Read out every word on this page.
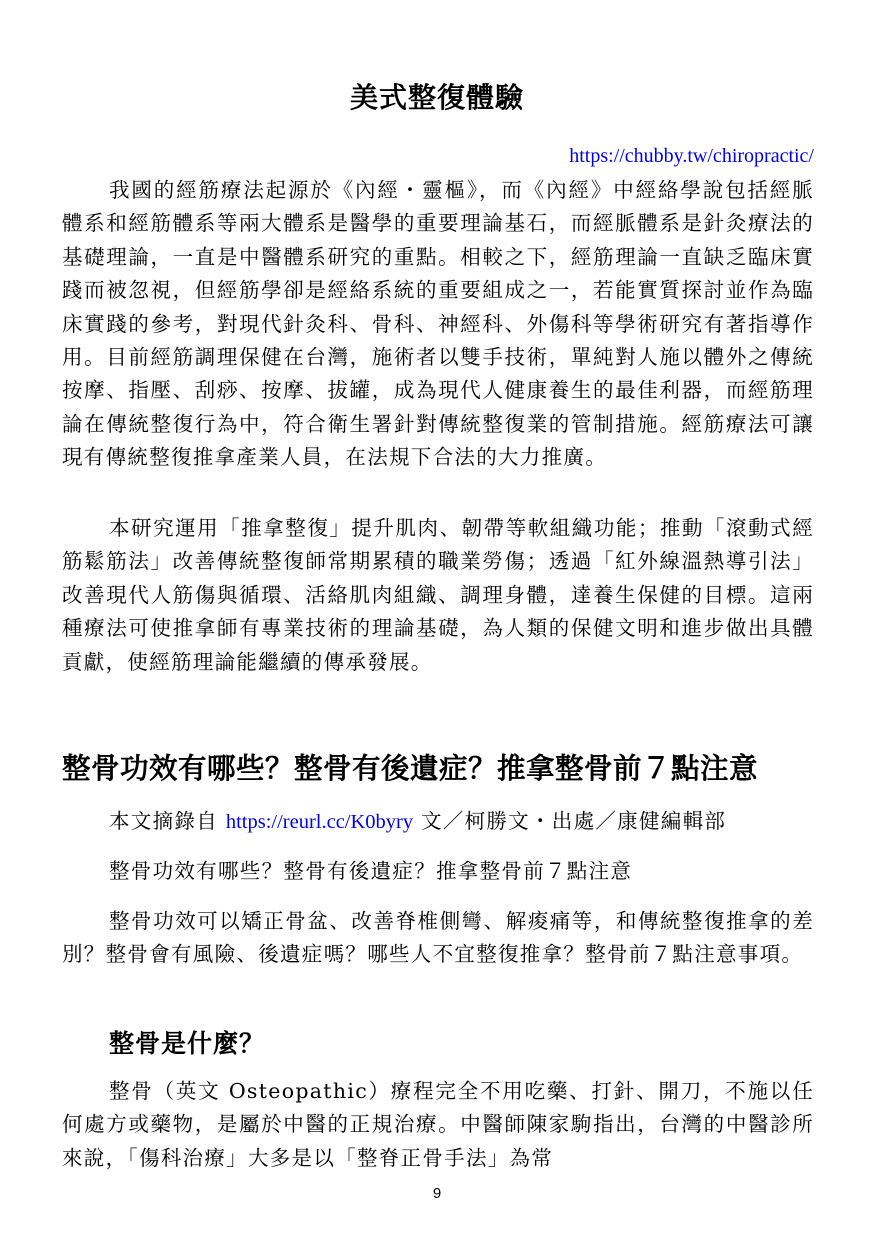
美式整復體驗
https://chubby.tw/chiropractic/

我國的經筋療法起源於《內經・靈樞》，而《內經》中經絡學說包括經脈體系和經筋體系等兩大體系是醫學的重要理論基石，而經脈體系是針灸療法的基礎理論，一直是中醫體系研究的重點。相較之下，經筋理論一直缺乏臨床實踐而被忽視，但經筋學卻是經絡系統的重要組成之一，若能實質探討並作為臨床實踐的參考，對現代針灸科、骨科、神經科、外傷科等學術研究有著指導作用。目前經筋調理保健在台灣，施術者以雙手技術，單純對人施以體外之傳統按摩、指壓、刮痧、按摩、拔罐，成為現代人健康養生的最佳利器，而經筋理論在傳統整復行為中，符合衛生署針對傳統整復業的管制措施。經筋療法可讓現有傳統整復推拿產業人員，在法規下合法的大力推廣。

本研究運用「推拿整復」提升肌肉、韌帶等軟組織功能；推動「滾動式經筋鬆筋法」改善傳統整復師常期累積的職業勞傷；透過「紅外線溫熱導引法」改善現代人筋傷與循環、活絡肌肉組織、調理身體，達養生保健的目標。這兩種療法可使推拿師有專業技術的理論基礎，為人類的保健文明和進步做出具體貢獻，使經筋理論能繼續的傳承發展。

整骨功效有哪些？整骨有後遺症？推拿整骨前７點注意
本文摘錄自 https://reurl.cc/K0byry 文／柯勝文・出處／康健編輯部
整骨功效有哪些？整骨有後遺症？推拿整骨前７點注意

整骨功效可以矯正骨盆、改善脊椎側彎、解痠痛等，和傳統整復推拿的差別？整骨會有風險、後遺症嗎？哪些人不宜整復推拿？整骨前７點注意事項。

整骨是什麼？

整骨（英文 Osteopathic）療程完全不用吃藥、打針、開刀，不施以任何處方或藥物，是屬於中醫的正規治療。中醫師陳家駒指出，台灣的中醫診所來說，「傷科治療」大多是以「整脊正骨手法」為常

9
